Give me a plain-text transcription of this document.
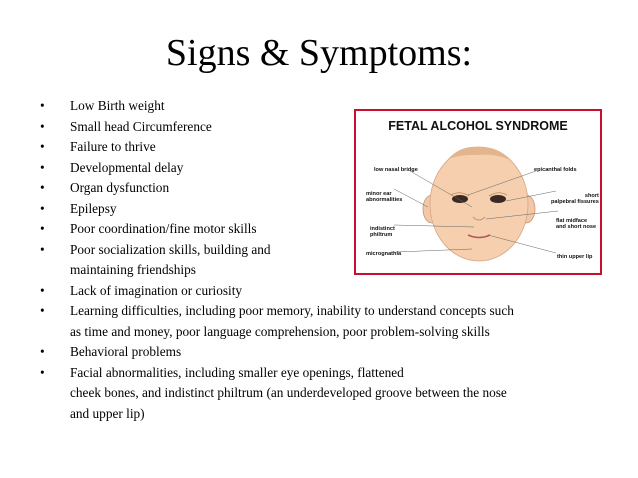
Signs & Symptoms:
• Low Birth weight
• Small head Circumference
• Failure to thrive
• Developmental delay
• Organ dysfunction
• Epilepsy
• Poor coordination/fine motor skills
• Poor socialization skills, building and
maintaining friendships
• Lack of imagination or curiosity
• Learning difficulties, including poor memory, inability to understand concepts such
as time and money, poor language comprehension, poor problem-solving skills
• Behavioral problems
• Facial abnormalities, including smaller eye openings, flattened
cheek bones, and indistinct philtrum (an underdeveloped groove between the nose
and upper lip)
FETAL ALCOHOL SYNDROME
low nasal bridge	epicanthal folds
minor ear
abnormalities
short
palpebral fissures
flat midface
and short nose
indistinct
philtrum
micrognathia	thin upper lip
